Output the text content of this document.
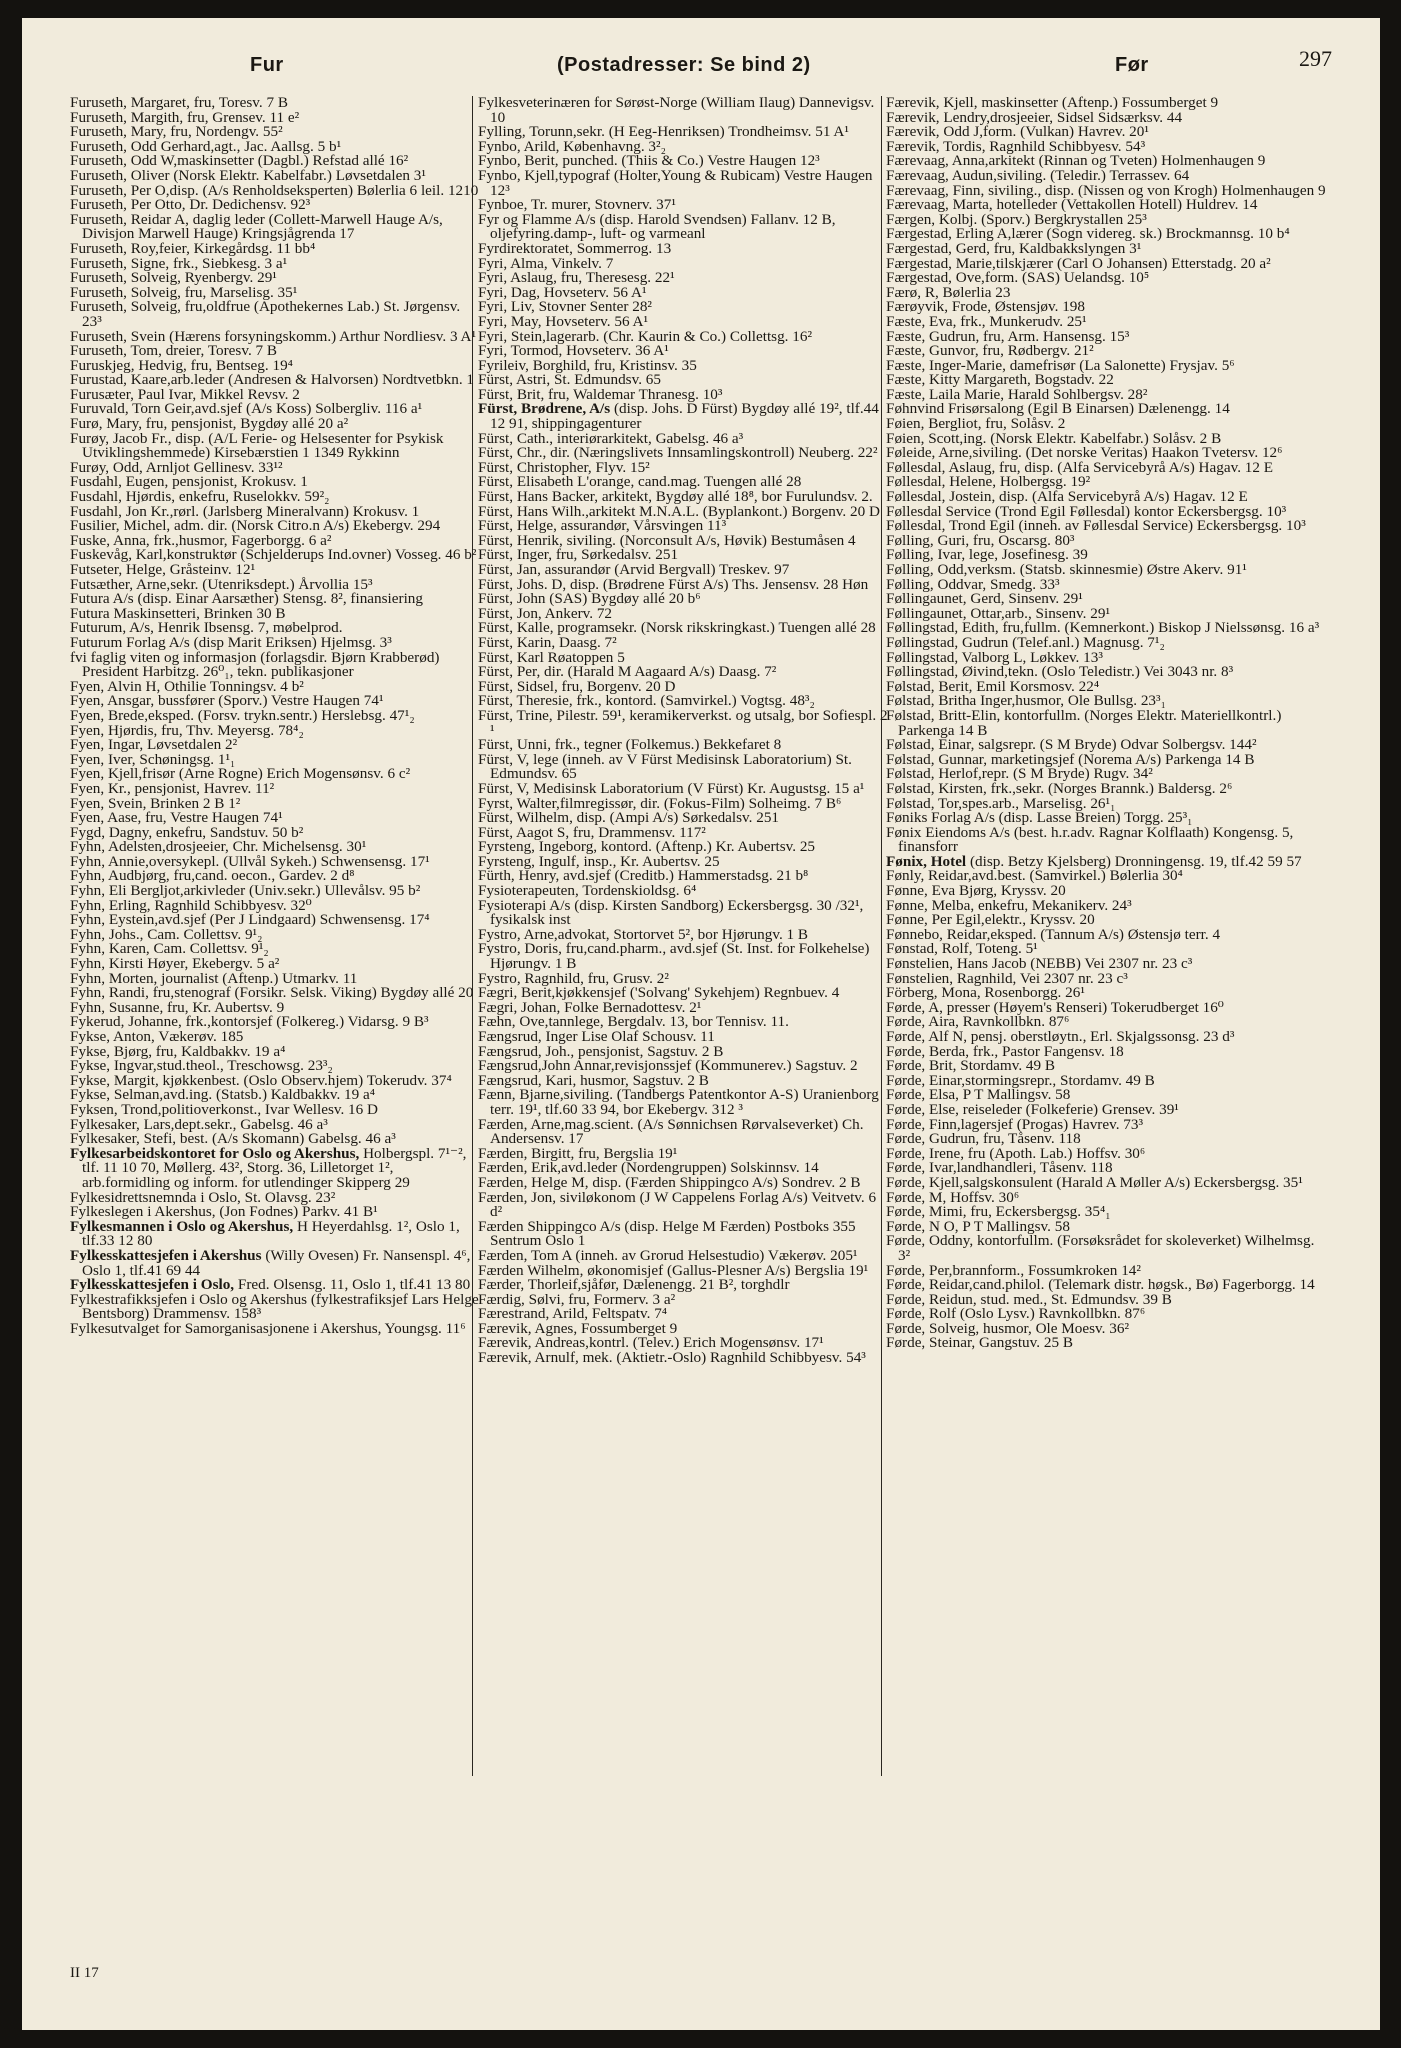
Fur	(Postadresser: Se bind 2)	Før	297

Furuseth, Margaret, fru, Toresv. 7 B

Furuseth, Margith, fru, Grensev. 11 e²

Furuseth, Mary, fru, Nordengv. 55²

Furuseth, Odd Gerhard,agt., Jac. Aallsg. 5 b¹

Furuseth, Odd W,maskinsetter (Dagbl.) Refstad allé 16²

Furuseth, Oliver (Norsk Elektr. Kabelfabr.) Løvsetdalen 3¹

Furuseth, Per O,disp. (A/s Renholdseksperten) Bølerlia 6 leil. 1210

Furuseth, Per Otto, Dr. Dedichensv. 92³

Furuseth, Reidar A, daglig leder (Collett-Marwell Hauge A/s, Divisjon Marwell Hauge) Kringsjågrenda 17

Furuseth, Roy,feier, Kirkegårdsg. 11 bb⁴

Furuseth, Signe, frk., Siebkesg. 3 a¹

Furuseth, Solveig, Ryenbergv. 29¹

Furuseth, Solveig, fru, Marselisg. 35¹

Furuseth, Solveig, fru,oldfrue (Apothekernes Lab.) St. Jørgensv. 23³

Furuseth, Svein (Hærens forsyningskomm.) Arthur Nordliesv. 3 A¹

Furuseth, Tom, dreier, Toresv. 7 B

Furuskjeg, Hedvig, fru, Bentseg. 19⁴

Furustad, Kaare,arb.leder (Andresen & Halvorsen) Nordtvetbkn. 1

Furusæter, Paul Ivar, Mikkel Revsv. 2

Furuvald, Torn Geir,avd.sjef (A/s Koss) Solbergliv. 116 a¹

Furø, Mary, fru, pensjonist, Bygdøy allé 20 a²

Furøy, Jacob Fr., disp. (A/L Ferie- og Helsesenter for Psykisk Utviklingshemmede) Kirsebærstien 1 1349 Rykkinn

Furøy, Odd, Arnljot Gellinesv. 33¹²

Fusdahl, Eugen, pensjonist, Krokusv. 1

Fusdahl, Hjørdis, enkefru, Ruselokkv. 59²₂

Fusdahl, Jon Kr.,rørl. (Jarlsberg Mineralvann) Krokusv. 1

Fusilier, Michel, adm. dir. (Norsk Citro.n A/s) Ekebergv. 294

Fuske, Anna, frk.,husmor, Fagerborgg. 6 a²

Fuskevåg, Karl,konstruktør (Schjelderups Ind.ovner) Vosseg. 46 b²

Futseter, Helge, Gråsteinv. 12¹

Futsæther, Arne,sekr. (Utenriksdept.) Årvollia 15³

Futura A/s (disp. Einar Aarsæther) Stensg. 8², finansiering

Futura Maskinsetteri, Brinken 30 B

Futurum, A/s, Henrik Ibsensg. 7, møbelprod.

Futurum Forlag A/s (disp Marit Eriksen) Hjelmsg. 3³

fvi faglig viten og informasjon (forlagsdir. Bjørn Krabberød) President Harbitzg. 26⁰₁, tekn. publikasjoner

Fyen, Alvin H, Othilie Tonningsv. 4 b²

Fyen, Ansgar, bussfører (Sporv.) Vestre Haugen 74¹

Fyen, Brede,eksped. (Forsv. trykn.sentr.) Herslebsg. 47¹₂

Fyen, Hjørdis, fru, Thv. Meyersg. 78⁴₂

Fyen, Ingar, Løvsetdalen 2²

Fyen, Iver, Schøningsg. 1¹₁

Fyen, Kjell,frisør (Arne Rogne) Erich Mogensønsv. 6 c²

Fyen, Kr., pensjonist, Havrev. 11²

Fyen, Svein, Brinken 2 B 1²

Fyen, Aase, fru, Vestre Haugen 74¹

Fygd, Dagny, enkefru, Sandstuv. 50 b²

Fyhn, Adelsten,drosjeeier, Chr. Michelsensg. 30¹

Fyhn, Annie,oversykepl. (Ullvål Sykeh.) Schwensensg. 17¹

Fyhn, Audbjørg, fru,cand. oecon., Gardev. 2 d⁸

Fyhn, Eli Bergljot,arkivleder (Univ.sekr.) Ullevålsv. 95 b²

Fyhn, Erling, Ragnhild Schibbyesv. 32⁰

Fyhn, Eystein,avd.sjef (Per J Lindgaard) Schwensensg. 17⁴

Fyhn, Johs., Cam. Collettsv. 9¹₂

Fyhn, Karen, Cam. Collettsv. 9¹₂

Fyhn, Kirsti Høyer, Ekebergv. 5 a²

Fyhn, Morten, journalist (Aftenp.) Utmarkv. 11

Fyhn, Randi, fru,stenograf (Forsikr. Selsk. Viking) Bygdøy allé 20

Fyhn, Susanne, fru, Kr. Aubertsv. 9

Fykerud, Johanne, frk.,kontorsjef (Folkereg.) Vidarsg. 9 B³

Fykse, Anton, Vækerøv. 185

Fykse, Bjørg, fru, Kaldbakkv. 19 a⁴

Fykse, Ingvar,stud.theol., Treschowsg. 23³₂

Fykse, Margit, kjøkkenbest. (Oslo Observ.hjem) Tokerudv. 37⁴

Fykse, Selman,avd.ing. (Statsb.) Kaldbakkv. 19 a⁴

Fyksen, Trond,politioverkonst., Ivar Wellesv. 16 D

Fylkesaker, Lars,dept.sekr., Gabelsg. 46 a³

Fylkesaker, Stefi, best. (A/s Skomann) Gabelsg. 46 a³

Fylkesarbeidskontoret for Oslo og Akershus, Holbergspl. 7¹⁻², tlf. 11 10 70, Møllerg. 43², Storg. 36, Lilletorget 1², arb.formidling og inform. for utlendinger Skipperg 29

Fylkesidrettsnemnda i Oslo, St. Olavsg. 23²

Fylkeslegen i Akershus, (Jon Fodnes) Parkv. 41 B¹

Fylkesmannen i Oslo og Akershus, H Heyerdahlsg. 1², Oslo 1, tlf.33 12 80

Fylkesskattesjefen i Akershus (Willy Ovesen) Fr. Nansenspl. 4⁶, Oslo 1, tlf.41 69 44

Fylkesskattesjefen i Oslo, Fred. Olsensg. 11, Oslo 1, tlf.41 13 80

Fylkestrafikksjefen i Oslo og Akershus (fylkestrafiksjef Lars Helge Bentsborg) Drammensv. 158³

Fylkesutvalget for Samorganisasjonene i Akershus, Youngsg. 11⁶

Fylkesveterinæren for Sørøst-Norge (William Ilaug) Dannevigsv. 10

Fylling, Torunn,sekr. (H Eeg-Henriksen) Trondheimsv. 51 A¹

Fynbo, Arild, Københavng. 3²₂

Fynbo, Berit, punched. (Thiis & Co.) Vestre Haugen 12³

Fynbo, Kjell,typograf (Holter,Young & Rubicam) Vestre Haugen 12³

Fynboe, Tr. murer, Stovnerv. 37¹

Fyr og Flamme A/s (disp. Harold Svendsen) Fallanv. 12 B, oljefyring.damp-, luft- og varmeanl

Fyrdirektoratet, Sommerrog. 13

Fyri, Alma, Vinkelv. 7

Fyri, Aslaug, fru, Theresesg. 22¹

Fyri, Dag, Hovseterv. 56 A¹

Fyri, Liv, Stovner Senter 28²

Fyri, May, Hovseterv. 56 A¹

Fyri, Stein,lagerarb. (Chr. Kaurin & Co.) Collettsg. 16²

Fyri, Tormod, Hovseterv. 36 A¹

Fyrileiv, Borghild, fru, Kristinsv. 35

Fürst, Astri, St. Edmundsv. 65

Fürst, Brit, fru, Waldemar Thranesg. 10³

Fürst, Brødrene, A/s (disp. Johs. D Fürst) Bygdøy allé 19², tlf.44 12 91, shippingagenturer

Fürst, Cath., interiørarkitekt, Gabelsg. 46 a³

Fürst, Chr., dir. (Næringslivets Innsamlingskontroll) Neuberg. 22²

Fürst, Christopher, Flyv. 15²

Fürst, Elisabeth L'orange, cand.mag. Tuengen allé 28

Fürst, Hans Backer, arkitekt, Bygdøy allé 18⁸, bor Furulundsv. 2.

Fürst, Hans Wilh.,arkitekt M.N.A.L. (Byplankont.) Borgenv. 20 D

Fürst, Helge, assurandør, Vårsvingen 11³

Fürst, Henrik, siviling. (Norconsult A/s, Høvik) Bestumåsen 4

Fürst, Inger, fru, Sørkedalsv. 251

Fürst, Jan, assurandør (Arvid Bergvall) Treskev. 97

Fürst, Johs. D, disp. (Brødrene Fürst A/s) Ths. Jensensv. 28 Høn

Fürst, John (SAS) Bygdøy allé 20 b⁶

Fürst, Jon, Ankerv. 72

Fürst, Kalle, programsekr. (Norsk rikskringkast.) Tuengen allé 28

Fürst, Karin, Daasg. 7²

Fürst, Karl Røatoppen 5

Fürst, Per, dir. (Harald M Aagaard A/s) Daasg. 7²

Fürst, Sidsel, fru, Borgenv. 20 D

Fürst, Theresie, frk., kontord. (Samvirkel.) Vogtsg. 48³₂

Fürst, Trine, Pilestr. 59¹, keramikerverkst. og utsalg, bor Sofiespl. 2 ¹

Fürst, Unni, frk., tegner (Folkemus.) Bekkefaret 8

Fürst, V, lege (inneh. av V Fürst Medisinsk Laboratorium) St. Edmundsv. 65

Fürst, V, Medisinsk Laboratorium (V Fürst) Kr. Augustsg. 15 a¹

Fyrst, Walter,filmregissør, dir. (Fokus-Film) Solheimg. 7 B⁶

Fürst, Wilhelm, disp. (Ampi A/s) Sørkedalsv. 251

Fürst, Aagot S, fru, Drammensv. 117²

Fyrsteng, Ingeborg, kontord. (Aftenp.) Kr. Aubertsv. 25

Fyrsteng, Ingulf, insp., Kr. Aubertsv. 25

Fürth, Henry, avd.sjef (Creditb.) Hammerstadsg. 21 b⁸

Fysioterapeuten, Tordenskioldsg. 6⁴

Fysioterapi A/s (disp. Kirsten Sandborg) Eckersbergsg. 30 /32¹, fysikalsk inst

Fystro, Arne,advokat, Stortorvet 5², bor Hjørungv. 1 B

Fystro, Doris, fru,cand.pharm., avd.sjef (St. Inst. for Folkehelse) Hjørungv. 1 B

Fystro, Ragnhild, fru, Grusv. 2²

Fægri, Berit,kjøkkensjef ('Solvang' Sykehjem) Regnbuev. 4

Fægri, Johan, Folke Bernadottesv. 2¹

Fæhn, Ove,tannlege, Bergdalv. 13, bor Tennisv. 11.

Fængsrud, Inger Lise Olaf Schousv. 11

Fængsrud, Joh., pensjonist, Sagstuv. 2 B

Fængsrud,John Annar,revisjonssjef (Kommunerev.) Sagstuv. 2

Fængsrud, Kari, husmor, Sagstuv. 2 B

Fænn, Bjarne,siviling. (Tandbergs Patentkontor A-S) Uranienborg terr. 19¹, tlf.60 33 94, bor Ekebergv. 312 ³

Færden, Arne,mag.scient. (A/s Sønnichsen Rørvalseverket) Ch. Andersensv. 17

Færden, Birgitt, fru, Bergslia 19¹

Færden, Erik,avd.leder (Nordengruppen) Solskinnsv. 14

Færden, Helge M, disp. (Færden Shippingco A/s) Sondrev. 2 B

Færden, Jon, siviløkonom (J W Cappelens Forlag A/s) Veitvetv. 6 d²

Færden Shippingco A/s (disp. Helge M Færden) Postboks 355 Sentrum Oslo 1

Færden, Tom A (inneh. av Grorud Helsestudio) Vækerøv. 205¹

Færden Wilhelm, økonomisjef (Gallus-Plesner A/s) Bergslia 19¹

Færder, Thorleif,sjåfør, Dælenengg. 21 B², torghdlr

Færdig, Sølvi, fru, Formerv. 3 a²

Færestrand, Arild, Feltspatv. 7⁴

Færevik, Agnes, Fossumberget 9

Færevik, Andreas,kontrl. (Telev.) Erich Mogensønsv. 17¹

Færevik, Arnulf, mek. (Aktietr.-Oslo) Ragnhild Schibbyesv. 54³

Færevik, Kjell, maskinsetter (Aftenp.) Fossumberget 9

Færevik, Lendry,drosjeeier, Sidsel Sidsærksv. 44

Færevik, Odd J,form. (Vulkan) Havrev. 20¹

Færevik, Tordis, Ragnhild Schibbyesv. 54³

Færevaag, Anna,arkitekt (Rinnan og Tveten) Holmenhaugen 9

Færevaag, Audun,siviling. (Teledir.) Terrassev. 64

Færevaag, Finn, siviling., disp. (Nissen og von Krogh) Holmenhaugen 9

Færevaag, Marta, hotelleder (Vettakollen Hotell) Huldrev. 14

Færgen, Kolbj. (Sporv.) Bergkrystallen 25³

Færgestad, Erling A,lærer (Sogn videreg. sk.) Brockmannsg. 10 b⁴

Færgestad, Gerd, fru, Kaldbakkslyngen 3¹

Færgestad, Marie,tilskjærer (Carl O Johansen) Etterstadg. 20 a²

Færgestad, Ove,form. (SAS) Uelandsg. 10⁵

Færø, R, Bølerlia 23

Færøyvik, Frode, Østensjøv. 198

Fæste, Eva, frk., Munkerudv. 25¹

Fæste, Gudrun, fru, Arm. Hansensg. 15³

Fæste, Gunvor, fru, Rødbergv. 21²

Fæste, Inger-Marie, damefrisør (La Salonette) Frysjav. 5⁶

Fæste, Kitty Margareth, Bogstadv. 22

Fæste, Laila Marie, Harald Sohlbergsv. 28²

Føhnvind Frisørsalong (Egil B Einarsen) Dælenengg. 14

Føien, Bergliot, fru, Solåsv. 2

Føien, Scott,ing. (Norsk Elektr. Kabelfabr.) Solåsv. 2 B

Føleide, Arne,siviling. (Det norske Veritas) Haakon Tvetersv. 12⁶

Føllesdal, Aslaug, fru, disp. (Alfa Servicebyrå A/s) Hagav. 12 E

Føllesdal, Helene, Holbergsg. 19²

Føllesdal, Jostein, disp. (Alfa Servicebyrå A/s) Hagav. 12 E

Føllesdal Service (Trond Egil Føllesdal) kontor Eckersbergsg. 10³

Føllesdal, Trond Egil (inneh. av Føllesdal Service) Eckersbergsg. 10³

Følling, Guri, fru, Oscarsg. 80³

Følling, Ivar, lege, Josefinesg. 39

Følling, Odd,verksm. (Statsb. skinnesmie) Østre Akerv. 91¹

Følling, Oddvar, Smedg. 33³

Føllingaunet, Gerd, Sinsenv. 29¹

Føllingaunet, Ottar,arb., Sinsenv. 29¹

Føllingstad, Edith, fru,fullm. (Kemnerkont.) Biskop J Nielssønsg. 16 a³

Føllingstad, Gudrun (Telef.anl.) Magnusg. 7¹₂

Føllingstad, Valborg L, Løkkev. 13³

Føllingstad, Øivind,tekn. (Oslo Teledistr.) Vei 3043 nr. 8³

Følstad, Berit, Emil Korsmosv. 22⁴

Følstad, Britha Inger,husmor, Ole Bullsg. 23³₁

Følstad, Britt-Elin, kontorfullm. (Norges Elektr. Materiellkontrl.) Parkenga 14 B

Følstad, Einar, salgsrepr. (S M Bryde) Odvar Solbergsv. 144²

Følstad, Gunnar, marketingsjef (Norema A/s) Parkenga 14 B

Følstad, Herlof,repr. (S M Bryde) Rugv. 34²

Følstad, Kirsten, frk.,sekr. (Norges Brannk.) Baldersg. 2⁶

Følstad, Tor,spes.arb., Marselisg. 26¹₁

Føniks Forlag A/s (disp. Lasse Breien) Torgg. 25³₁

Fønix Eiendoms A/s (best. h.r.adv. Ragnar Kolflaath) Kongensg. 5, finansforr

Fønix, Hotel (disp. Betzy Kjelsberg) Dronningensg. 19, tlf.42 59 57

Fønly, Reidar,avd.best. (Samvirkel.) Bølerlia 30⁴

Fønne, Eva Bjørg, Kryssv. 20

Fønne, Melba, enkefru, Mekanikerv. 24³

Fønne, Per Egil,elektr., Kryssv. 20

Fønnebo, Reidar,eksped. (Tannum A/s) Østensjø terr. 4

Fønstad, Rolf, Toteng. 5¹

Fønstelien, Hans Jacob (NEBB) Vei 2307 nr. 23 c³

Fønstelien, Ragnhild, Vei 2307 nr. 23 c³

Förberg, Mona, Rosenborgg. 26¹

Førde, A, presser (Høyem's Renseri) Tokerudberget 16⁰

Førde, Aira, Ravnkollbkn. 87⁶

Førde, Alf N, pensj. oberstløytn., Erl. Skjalgssonsg. 23 d³

Førde, Berda, frk., Pastor Fangensv. 18

Førde, Brit, Stordamv. 49 B

Førde, Einar,stormingsrepr., Stordamv. 49 B

Førde, Elsa, P T Mallingsv. 58

Førde, Else, reiseleder (Folkeferie) Grensev. 39¹

Førde, Finn,lagersjef (Progas) Havrev. 73³

Førde, Gudrun, fru, Tåsenv. 118

Førde, Irene, fru (Apoth. Lab.) Hoffsv. 30⁶

Førde, Ivar,landhandleri, Tåsenv. 118

Førde, Kjell,salgskonsulent (Harald A Møller A/s) Eckersbergsg. 35¹

Førde, M, Hoffsv. 30⁶

Førde, Mimi, fru, Eckersbergsg. 35⁴₁

Førde, N O, P T Mallingsv. 58

Førde, Oddny, kontorfullm. (Forsøksrådet for skoleverket) Wilhelmsg. 3²

Førde, Per,brannform., Fossumkroken 14²

Førde, Reidar,cand.philol. (Telemark distr. høgsk., Bø) Fagerborgg. 14

Førde, Reidun, stud. med., St. Edmundsv. 39 B

Førde, Rolf (Oslo Lysv.) Ravnkollbkn. 87⁶

Førde, Solveig, husmor, Ole Moesv. 36²

Førde, Steinar, Gangstuv. 25 B

II 17
